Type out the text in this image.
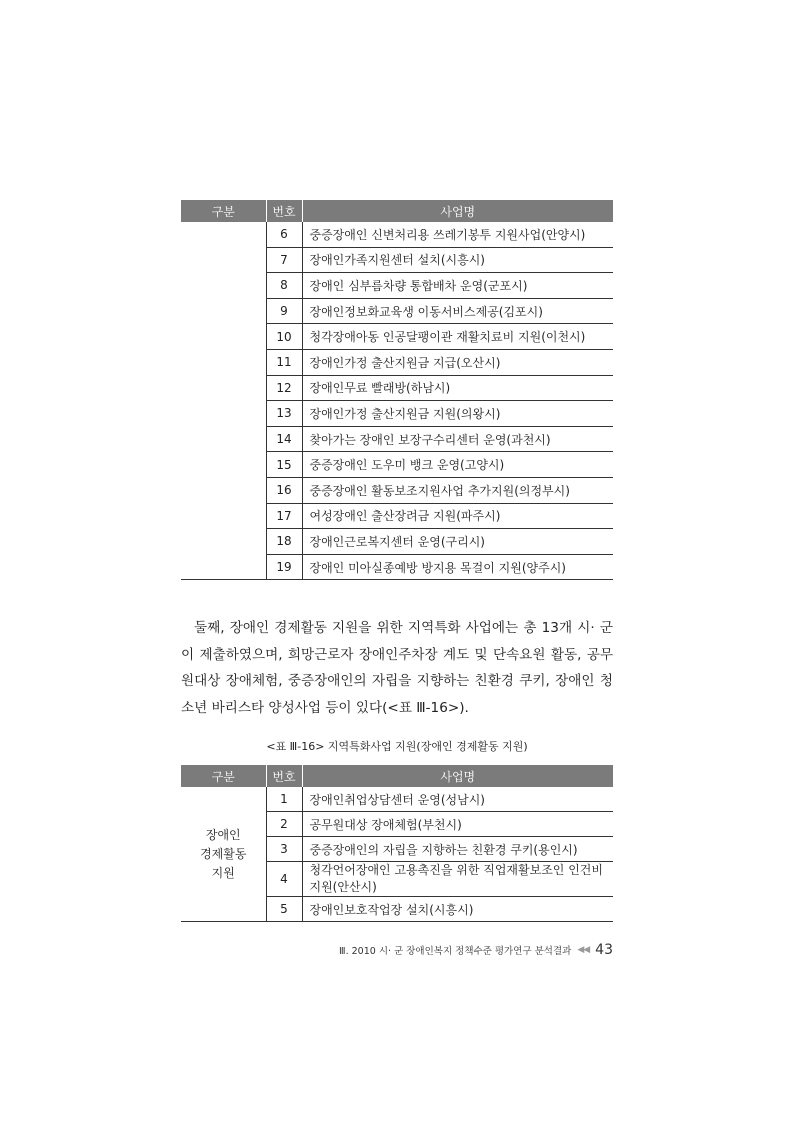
구분	번호	사업명
	6	중증장애인 신변처리용 쓰레기봉투 지원사업(안양시)
	7	장애인가족지원센터 설치(시흥시)
	8	장애인 심부름차량 통합배차 운영(군포시)
	9	장애인정보화교육생 이동서비스제공(김포시)
	10	청각장애아동 인공달팽이관 재활치료비 지원(이천시)
	11	장애인가정 출산지원금 지급(오산시)
	12	장애인무료 빨래방(하남시)
	13	장애인가정 출산지원금 지원(의왕시)
	14	찾아가는 장애인 보장구수리센터 운영(과천시)
	15	중증장애인 도우미 뱅크 운영(고양시)
	16	중증장애인 활동보조지원사업 추가지원(의정부시)
	17	여성장애인 출산장려금 지원(파주시)
	18	장애인근로복지센터 운영(구리시)
	19	장애인 미아실종예방 방지용 목걸이 지원(양주시)

둘째, 장애인 경제활동 지원을 위한 지역특화 사업에는 총 13개 시· 군이 제출하였으며, 희망근로자 장애인주차장 계도 및 단속요원 활동, 공무원대상 장애체험, 중증장애인의 자립을 지향하는 친환경 쿠키, 장애인 청소년 바리스타 양성사업 등이 있다(<표 Ⅲ-16>).

<표 Ⅲ-16> 지역특화사업 지원(장애인 경제활동 지원)
구분	번호	사업명

장애인
경제활동
지원	1	장애인취업상담센터 운영(성남시)
	2	공무원대상 장애체험(부천시)
	3	중증장애인의 자립을 지향하는 친환경 쿠키(용인시)
	4	청각언어장애인 고용촉진을 위한 직업재활보조인 인건비 지원(안산시)
	5	장애인보호작업장 설치(시흥시)
Ⅲ. 2010 시· 군 장애인복지 정책수준 평가연구 분석결과 ◀◀ 43
